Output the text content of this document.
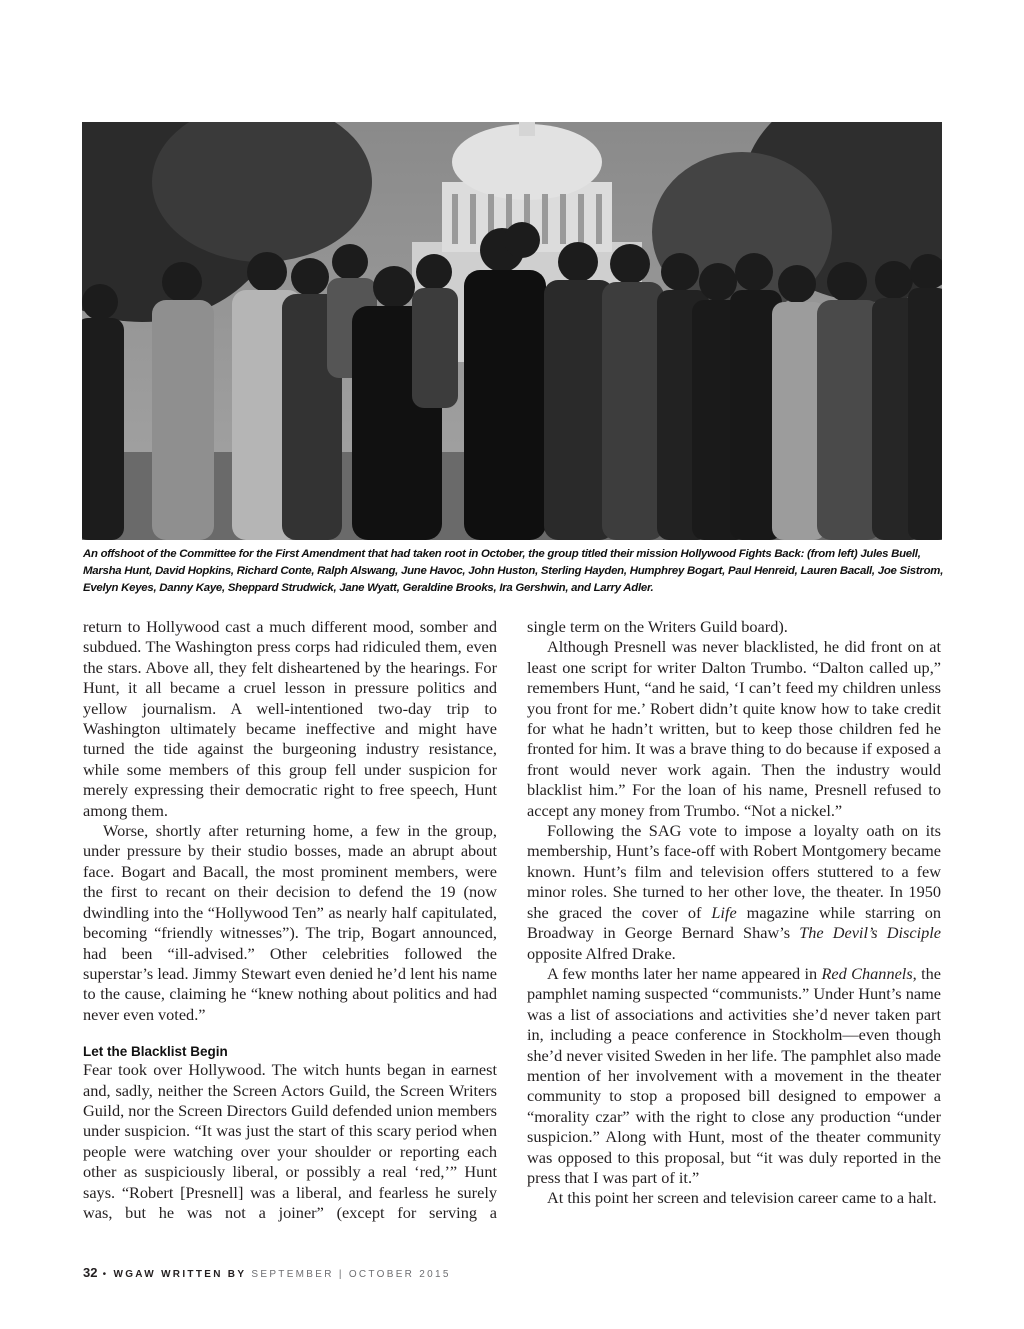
An offshoot of the Committee for the First Amendment that had taken root in October, the group titled their mission Hollywood Fights Back: (from left) Jules Buell, Marsha Hunt, David Hopkins, Richard Conte, Ralph Alswang, June Havoc, John Huston, Sterling Hayden, Humphrey Bogart, Paul Henreid, Lauren Bacall, Joe Sistrom, Evelyn Keyes, Danny Kaye, Sheppard Strudwick, Jane Wyatt, Geraldine Brooks, Ira Gershwin, and Larry Adler.

return to Hollywood cast a much different mood, somber and subdued. The Washington press corps had ridiculed them, even the stars. Above all, they felt disheartened by the hearings. For Hunt, it all became a cruel lesson in pressure politics and yellow journalism. A well-intentioned two-day trip to Washington ultimately became ineffective and might have turned the tide against the burgeoning industry resistance, while some members of this group fell under suspicion for merely expressing their democratic right to free speech, Hunt among them.

Worse, shortly after returning home, a few in the group, under pressure by their studio bosses, made an abrupt about face. Bogart and Bacall, the most prominent members, were the first to recant on their decision to defend the 19 (now dwindling into the “Hollywood Ten” as nearly half capitulated, becoming “friendly witnesses”). The trip, Bogart announced, had been “ill-advised.” Other celebrities followed the superstar’s lead. Jimmy Stewart even denied he’d lent his name to the cause, claiming he “knew nothing about politics and had never even voted.”

Let the Blacklist Begin

Fear took over Hollywood. The witch hunts began in earnest and, sadly, neither the Screen Actors Guild, the Screen Writers Guild, nor the Screen Directors Guild defended union members under suspicion. “It was just the start of this scary period when people were watching over your shoulder or reporting each other as suspiciously liberal, or possibly a real ‘red,’” Hunt says. “Robert [Presnell] was a liberal, and fearless he surely was, but he was not a joiner” (except for serving a

single term on the Writers Guild board).

Although Presnell was never blacklisted, he did front on at least one script for writer Dalton Trumbo. “Dalton called up,” remembers Hunt, “and he said, ‘I can’t feed my children unless you front for me.’ Robert didn’t quite know how to take credit for what he hadn’t written, but to keep those children fed he fronted for him. It was a brave thing to do because if exposed a front would never work again. Then the industry would blacklist him.” For the loan of his name, Presnell refused to accept any money from Trumbo. “Not a nickel.”

Following the SAG vote to impose a loyalty oath on its membership, Hunt’s face-off with Robert Montgomery became known. Hunt’s film and television offers stuttered to a few minor roles. She turned to her other love, the theater. In 1950 she graced the cover of Life magazine while starring on Broadway in George Bernard Shaw’s The Devil’s Disciple opposite Alfred Drake.

A few months later her name appeared in Red Channels, the pamphlet naming suspected “communists.” Under Hunt’s name was a list of associations and activities she’d never taken part in, including a peace conference in Stockholm—even though she’d never visited Sweden in her life. The pamphlet also made mention of her involvement with a movement in the theater community to stop a proposed bill designed to empower a “morality czar” with the right to close any production “under suspicion.” Along with Hunt, most of the theater community was opposed to this proposal, but “it was duly reported in the press that I was part of it.”

At this point her screen and television career came to a halt.

32 • WGAW WRITTEN BY SEPTEMBER | OCTOBER 2015
